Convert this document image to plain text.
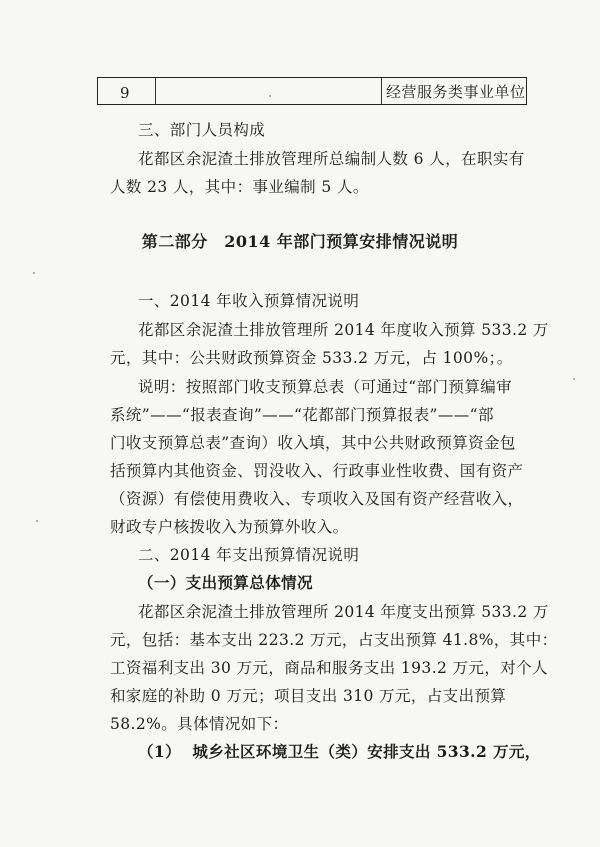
9	经营服务类事业单位
三、部门人员构成
花都区余泥渣土排放管理所总编制人数 6 人，在职实有
人数 23 人，其中：事业编制 5 人。
第二部分　2014 年部门预算安排情况说明
一、2014 年收入预算情况说明
花都区余泥渣土排放管理所 2014 年度收入预算 533.2 万
元，其中：公共财政预算资金 533.2 万元，占 100%；。
说明：按照部门收支预算总表（可通过“部门预算编审
系统”——“报表查询”——“花都部门预算报表”——“部
门收支预算总表”查询）收入填，其中公共财政预算资金包
括预算内其他资金、罚没收入、行政事业性收费、国有资产
（资源）有偿使用费收入、专项收入及国有资产经营收入，
财政专户核拨收入为预算外收入。
二、2014 年支出预算情况说明
（一）支出预算总体情况
花都区余泥渣土排放管理所 2014 年度支出预算 533.2 万
元，包括：基本支出 223.2 万元，占支出预算 41.8%，其中：
工资福利支出 30 万元，商品和服务支出 193.2 万元，对个人
和家庭的补助 0 万元；项目支出 310 万元，占支出预算
58.2%。具体情况如下：
（1） 城乡社区环境卫生（类）安排支出 533.2 万元，
